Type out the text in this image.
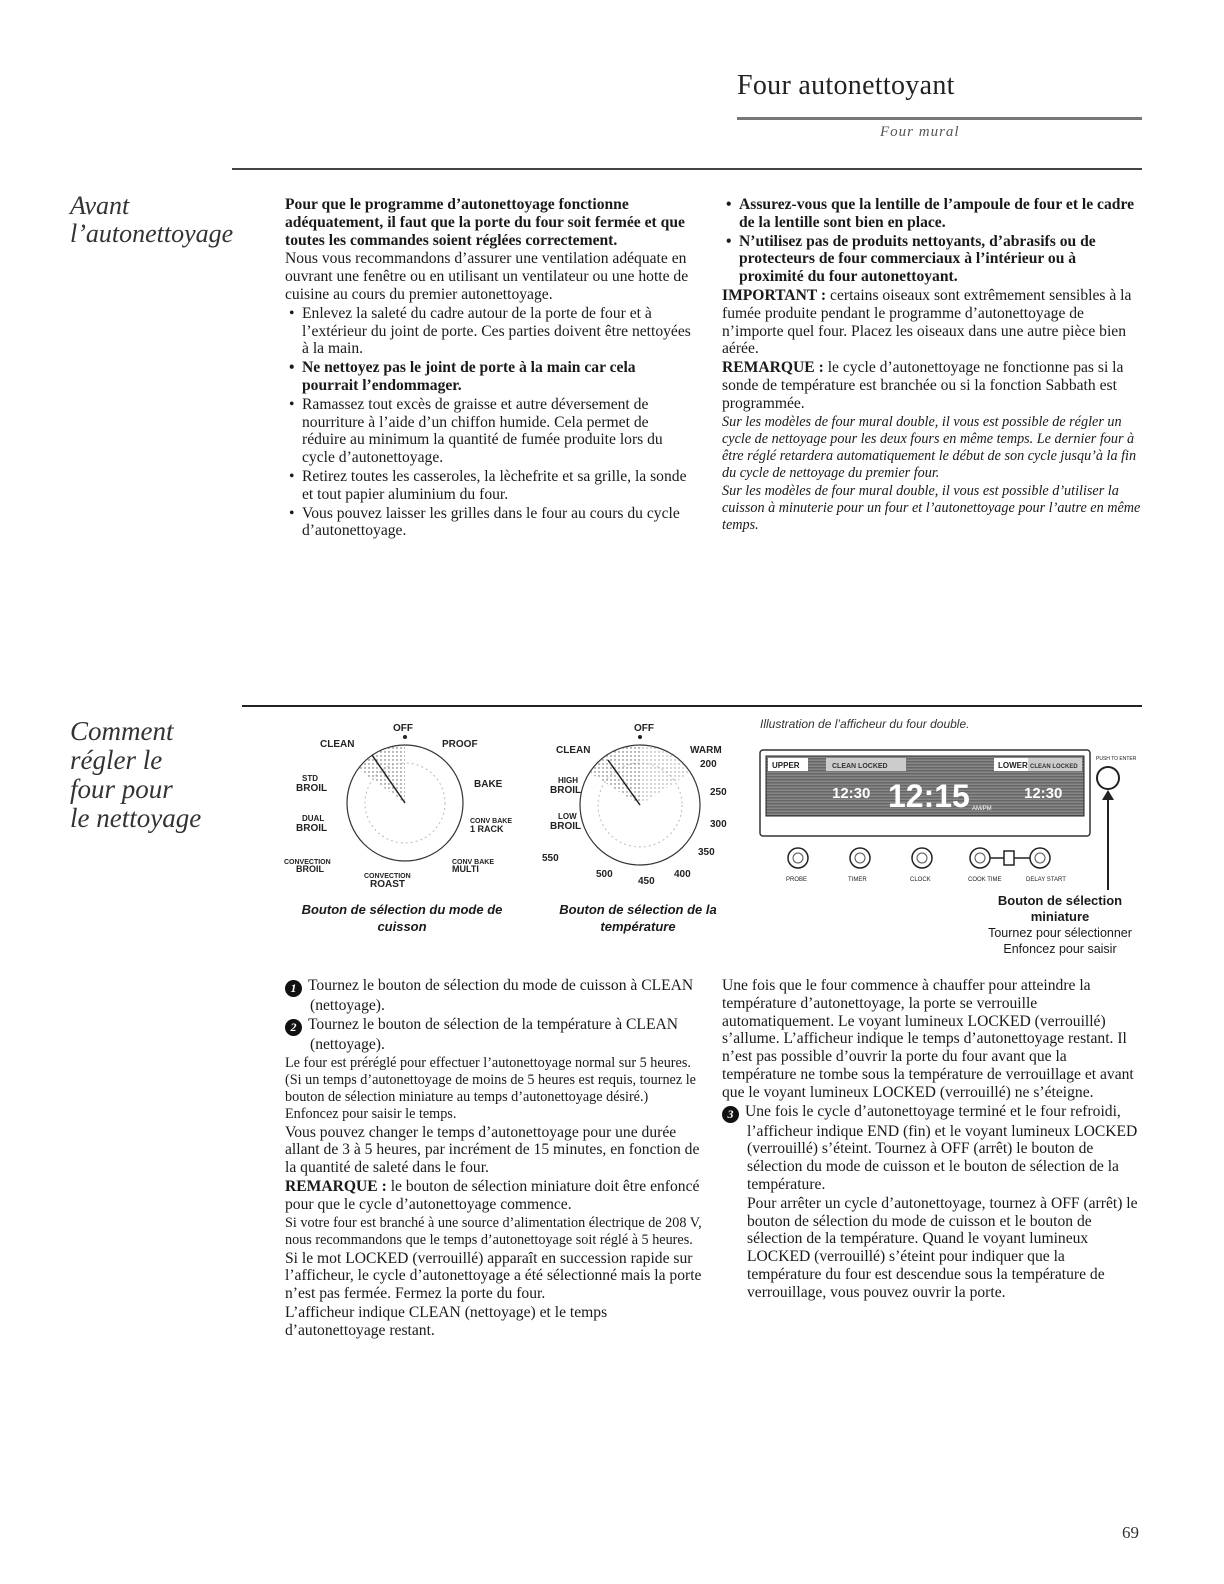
Four autonettoyant
Four mural
Avant
l’autonettoyage

Pour que le programme d’autonettoyage fonctionne adéquatement, il faut que la porte du four soit fermée et que toutes les commandes soient réglées correctement.

Nous vous recommandons d’assurer une ventilation adéquate en ouvrant une fenêtre ou en utilisant un ventilateur ou une hotte de cuisine au cours du premier autonettoyage.

• Enlevez la saleté du cadre autour de la porte de four et à l’extérieur du joint de porte. Ces parties doivent être nettoyées à la main.

• Ne nettoyez pas le joint de porte à la main car cela pourrait l’endommager.

• Ramassez tout excès de graisse et autre déversement de nourriture à l’aide d’un chiffon humide. Cela permet de réduire au minimum la quantité de fumée produite lors du cycle d’autonettoyage.

• Retirez toutes les casseroles, la lèchefrite et sa grille, la sonde et tout papier aluminium du four.

• Vous pouvez laisser les grilles dans le four au cours du cycle d’autonettoyage.

• Assurez-vous que la lentille de l’ampoule de four et le cadre de la lentille sont bien en place.

• N’utilisez pas de produits nettoyants, d’abrasifs ou de protecteurs de four commerciaux à l’intérieur ou à proximité du four autonettoyant.

IMPORTANT : certains oiseaux sont extrêmement sensibles à la fumée produite pendant le programme d’autonettoyage de n’importe quel four. Placez les oiseaux dans une autre pièce bien aérée.

REMARQUE : le cycle d’autonettoyage ne fonctionne pas si la sonde de température est branchée ou si la fonction Sabbath est programmée.

Sur les modèles de four mural double, il vous est possible de régler un cycle de nettoyage pour les deux fours en même temps. Le dernier four à être réglé retardera automatiquement le début de son cycle jusqu’à la fin du cycle de nettoyage du premier four.

Sur les modèles de four mural double, il vous est possible d’utiliser la cuisson à minuterie pour un four et l’autonettoyage pour l’autre en même temps.

Comment
régler le
four pour
le nettoyage
OFF
CLEAN	PROOF
STD
BROIL	BAKE
DUAL
BROIL
CONV BAKE
1 RACK
CONVECTION
BROIL
CONV BAKE
MULTI
CONVECTION
ROAST
Bouton de sélection du mode de cuisson
OFF
CLEAN	WARM
200
HIGH
BROIL	250
LOW
BROIL	300
550
350
500
450
400
Bouton de sélection de la température
Illustration de l’afficheur du four double.
UPPER	CLEAN LOCKED
12:30 12:15 AM/PM
LOWER CLEAN LOCKED
12:30
PUSH TO ENTER
PROBE	TIMER	CLOCK	COOK TIME	DELAY START
Bouton de sélection miniature
Tournez pour sélectionner
Enfoncez pour saisir

1 Tournez le bouton de sélection du mode de cuisson à CLEAN (nettoyage).

2 Tournez le bouton de sélection de la température à CLEAN (nettoyage).

Le four est préréglé pour effectuer l’autonettoyage normal sur 5 heures. (Si un temps d’autonettoyage de moins de 5 heures est requis, tournez le bouton de sélection miniature au temps d’autonettoyage désiré.) Enfoncez pour saisir le temps.

Vous pouvez changer le temps d’autonettoyage pour une durée allant de 3 à 5 heures, par incrément de 15 minutes, en fonction de la quantité de saleté dans le four.

REMARQUE : le bouton de sélection miniature doit être enfoncé pour que le cycle d’autonettoyage commence.

Si votre four est branché à une source d’alimentation électrique de 208 V, nous recommandons que le temps d’autonettoyage soit réglé à 5 heures.

Si le mot LOCKED (verrouillé) apparaît en succession rapide sur l’afficheur, le cycle d’autonettoyage a été sélectionné mais la porte n’est pas fermée. Fermez la porte du four.

L’afficheur indique CLEAN (nettoyage) et le temps d’autonettoyage restant.

Une fois que le four commence à chauffer pour atteindre la température d’autonettoyage, la porte se verrouille automatiquement. Le voyant lumineux LOCKED (verrouillé) s’allume. L’afficheur indique le temps d’autonettoyage restant. Il n’est pas possible d’ouvrir la porte du four avant que la température ne tombe sous la température de verrouillage et avant que le voyant lumineux LOCKED (verrouillé) ne s’éteigne.

3 Une fois le cycle d’autonettoyage terminé et le four refroidi, l’afficheur indique END (fin) et le voyant lumineux LOCKED (verrouillé) s’éteint. Tournez à OFF (arrêt) le bouton de sélection du mode de cuisson et le bouton de sélection de la température.

Pour arrêter un cycle d’autonettoyage, tournez à OFF (arrêt) le bouton de sélection du mode de cuisson et le bouton de sélection de la température. Quand le voyant lumineux LOCKED (verrouillé) s’éteint pour indiquer que la température du four est descendue sous la température de verrouillage, vous pouvez ouvrir la porte.

69
